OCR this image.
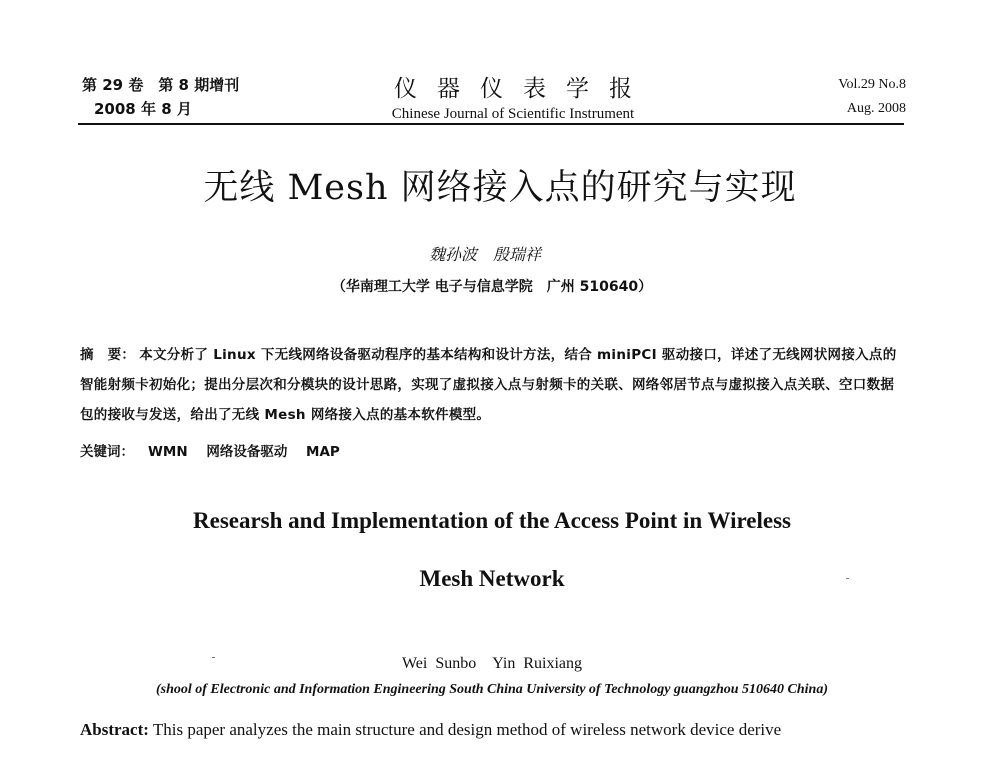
第 29 卷　第 8 期增刊
2008 年 8 月
仪器仪表学报
Chinese Journal of Scientific Instrument
Vol.29 No.8
Aug. 2008
无线 Mesh 网络接入点的研究与实现
魏孙波　殷瑞祥
（华南理工大学 电子与信息学院　广州 510640）
摘　要： 本文分析了 Linux 下无线网络设备驱动程序的基本结构和设计方法，结合 miniPCI 驱动接口，详述了无线网状网接入点的智能射频卡初始化；提出分层次和分模块的设计思路，实现了虚拟接入点与射频卡的关联、网络邻居节点与虚拟接入点关联、空口数据包的接收与发送，给出了无线 Mesh 网络接入点的基本软件模型。
关键词： WMN 网络设备驱动 MAP
Researsh and Implementation of the Access Point in Wireless
Mesh Network
Wei Sunbo　Yin Ruixiang
(shool of Electronic and Information Engineering South China University of Technology guangzhou 510640 China)
Abstract: This paper analyzes the main structure and design method of wireless network device derive
